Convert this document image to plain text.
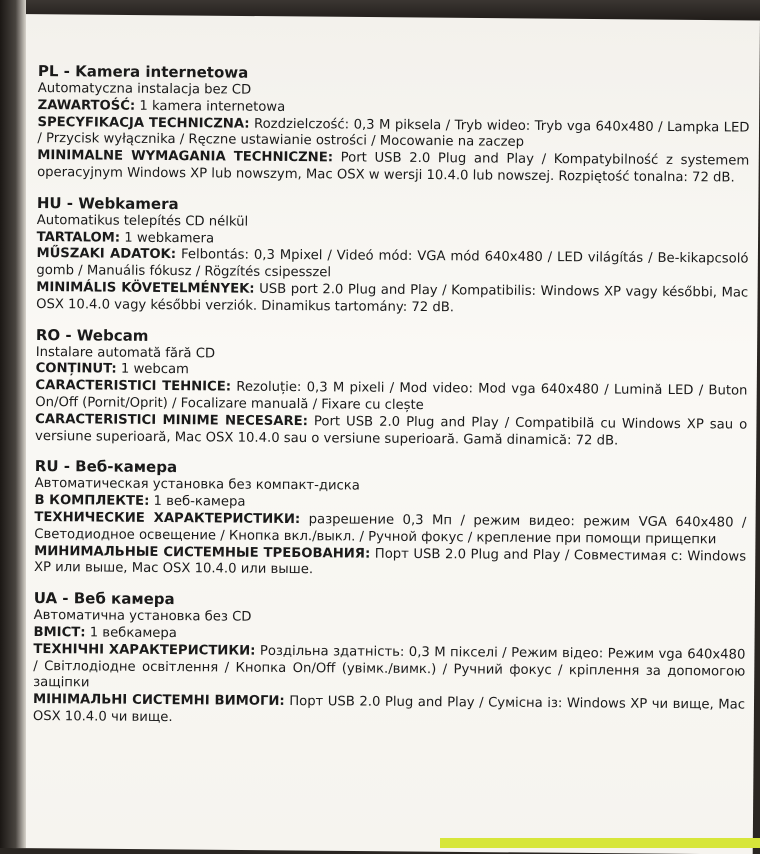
PL - Kamera internetowa

Automatyczna instalacja bez CD

ZAWARTOŚĆ: 1 kamera internetowa

SPECYFIKACJA TECHNICZNA: Rozdzielczość: 0,3 M piksela / Tryb wideo: Tryb vga 640x480 / Lampka LED / Przycisk wyłącznika / Ręczne ustawianie ostrości / Mocowanie na zaczep

MINIMALNE WYMAGANIA TECHNICZNE: Port USB 2.0 Plug and Play / Kompatybilność z systemem operacyjnym Windows XP lub nowszym, Mac OSX w wersji 10.4.0 lub nowszej. Rozpiętość tonalna: 72 dB.

HU - Webkamera

Automatikus telepítés CD nélkül

TARTALOM: 1 webkamera

MŰSZAKI ADATOK: Felbontás: 0,3 Mpixel / Videó mód: VGA mód 640x480 / LED világítás / Be-kikapcsoló gomb / Manuális fókusz / Rögzítés csipesszel

MINIMÁLIS KÖVETELMÉNYEK: USB port 2.0 Plug and Play / Kompatibilis: Windows XP vagy későbbi, Mac OSX 10.4.0 vagy későbbi verziók. Dinamikus tartomány: 72 dB.

RO - Webcam

Instalare automată fără CD

CONȚINUT: 1 webcam

CARACTERISTICI TEHNICE: Rezoluție: 0,3 M pixeli / Mod video: Mod vga 640x480 / Lumină LED / Buton On/Off (Pornit/Oprit) / Focalizare manuală / Fixare cu clește

CARACTERISTICI MINIME NECESARE: Port USB 2.0 Plug and Play / Compatibilă cu Windows XP sau o versiune superioară, Mac OSX 10.4.0 sau o versiune superioară. Gamă dinamică: 72 dB.

RU - Веб-камера

Автоматическая установка без компакт-диска

В КОМПЛЕКТЕ: 1 веб-камера

ТЕХНИЧЕСКИЕ ХАРАКТЕРИСТИКИ: разрешение 0,3 Мп / режим видео: режим VGA 640x480 / Светодиодное освещение / Кнопка вкл./выкл. / Ручной фокус / крепление при помощи прищепки

МИНИМАЛЬНЫЕ СИСТЕМНЫЕ ТРЕБОВАНИЯ: Порт USB 2.0 Plug and Play / Совместимая с: Windows XP или выше, Mac OSX 10.4.0 или выше.

UA - Веб камера

Автоматична установка без CD

ВМІСТ: 1 вебкамера

ТЕХНІЧНІ ХАРАКТЕРИСТИКИ: Роздільна здатність: 0,3 М пікселі / Режим відео: Режим vga 640x480 / Світлодіодне освітлення / Кнопка On/Off (увімк./вимк.) / Ручний фокус / кріплення за допомогою защіпки

МІНІМАЛЬНІ СИСТЕМНІ ВИМОГИ: Порт USB 2.0 Plug and Play / Сумісна із: Windows XP чи вище, Mac OSX 10.4.0 чи вище.
